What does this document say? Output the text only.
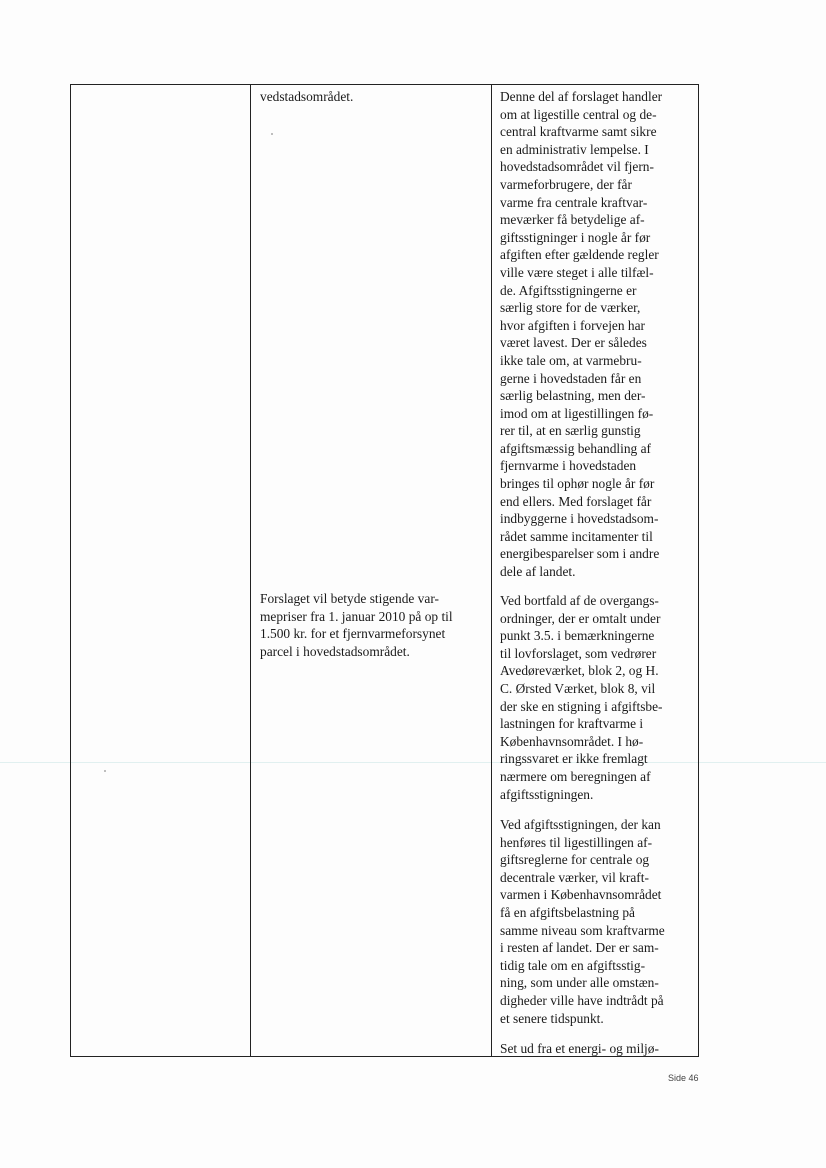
vedstadsområdet.
Forslaget vil betyde stigende var-
mepriser fra 1. januar 2010 på op til
1.500 kr. for et fjernvarmeforsynet
parcel i hovedstadsområdet.
Denne del af forslaget handler
om at ligestille central og de-
central kraftvarme samt sikre
en administrativ lempelse. I
hovedstadsområdet vil fjern-
varmeforbrugere, der får
varme fra centrale kraftvar-
meværker få betydelige af-
giftsstigninger i nogle år før
afgiften efter gældende regler
ville være steget i alle tilfæl-
de. Afgiftsstigningerne er
særlig store for de værker,
hvor afgiften i forvejen har
været lavest. Der er således
ikke tale om, at varmebru-
gerne i hovedstaden får en
særlig belastning, men der-
imod om at ligestillingen fø-
rer til, at en særlig gunstig
afgiftsmæssig behandling af
fjernvarme i hovedstaden
bringes til ophør nogle år før
end ellers. Med forslaget får
indbyggerne i hovedstadsom-
rådet samme incitamenter til
energibesparelser som i andre
dele af landet.
Ved bortfald af de overgangs-
ordninger, der er omtalt under
punkt 3.5. i bemærkningerne
til lovforslaget, som vedrører
Avedøreværket, blok 2, og H.
C. Ørsted Værket, blok 8, vil
der ske en stigning i afgiftsbe-
lastningen for kraftvarme i
Københavnsområdet. I hø-
ringssvaret er ikke fremlagt
nærmere om beregningen af
afgiftsstigningen.
Ved afgiftsstigningen, der kan
henføres til ligestillingen af-
giftsreglerne for centrale og
decentrale værker, vil kraft-
varmen i Københavnsområdet
få en afgiftsbelastning på
samme niveau som kraftvarme
i resten af landet. Der er sam-
tidig tale om en afgiftsstig-
ning, som under alle omstæn-
digheder ville have indtrådt på
et senere tidspunkt.
Set ud fra et energi- og miljø-
Side 46
